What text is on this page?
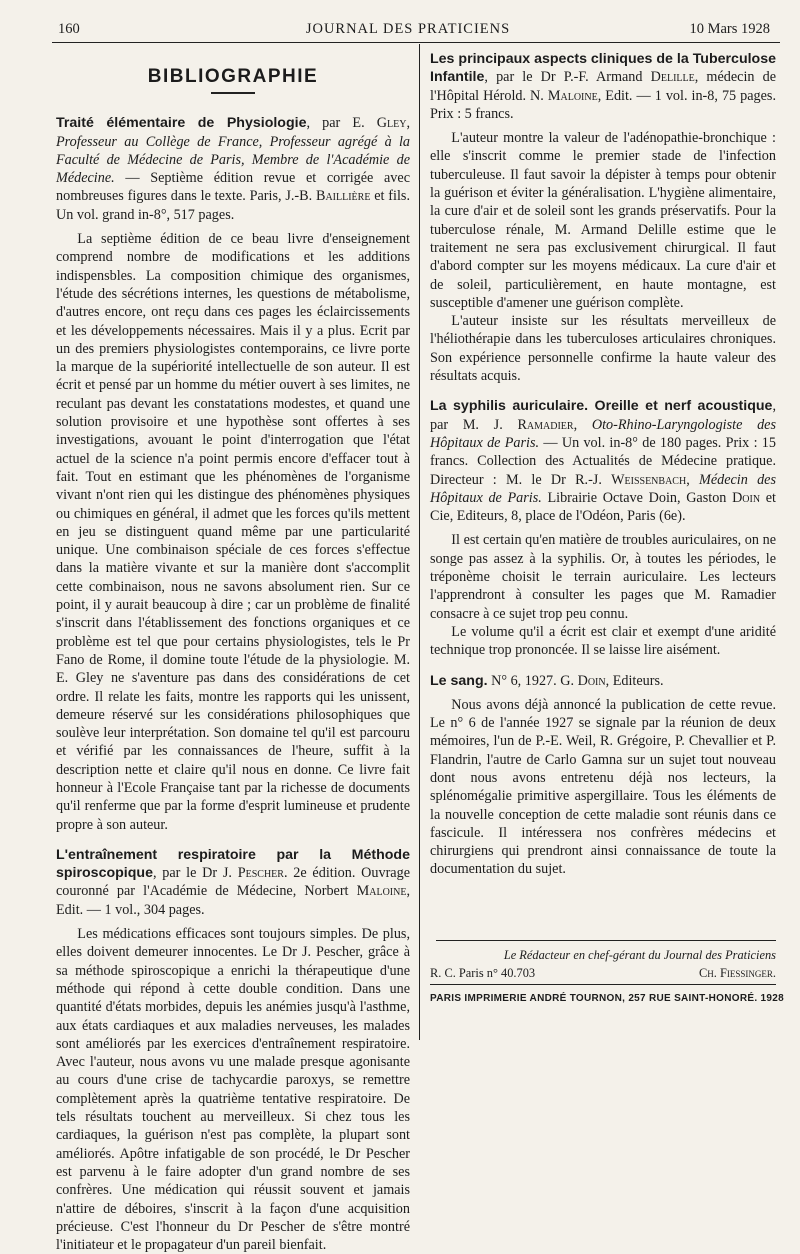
160	JOURNAL DES PRATICIENS	10 Mars 1928
BIBLIOGRAPHIE
Traité élémentaire de Physiologie, par E. Gley, Professeur au Collège de France, Professeur agrégé à la Faculté de Médecine de Paris, Membre de l'Académie de Médecine. — Septième édition revue et corrigée avec nombreuses figures dans le texte. Paris, J.-B. Baillière et fils. Un vol. grand in-8°, 517 pages.

La septième édition de ce beau livre d'enseignement comprend nombre de modifications et les additions indispensbles. La composition chimique des organismes, l'étude des sécrétions internes, les questions de métabolisme, d'autres encore, ont reçu dans ces pages les éclaircissements et les développements nécessaires. Mais il y a plus. Ecrit par un des premiers physiologistes contemporains, ce livre porte la marque de la supériorité intellectuelle de son auteur. Il est écrit et pensé par un homme du métier ouvert à ses limites, ne reculant pas devant les constatations modestes, et quand une solution provisoire et une hypothèse sont offertes à ses investigations, avouant le point d'interrogation que l'état actuel de la science n'a point permis encore d'effacer tout à fait. Tout en estimant que les phénomènes de l'organisme vivant n'ont rien qui les distingue des phénomènes physiques ou chimiques en général, il admet que les forces qu'ils mettent en jeu se distinguent quand même par une particularité unique. Une combinaison spéciale de ces forces s'effectue dans la matière vivante et sur la manière dont s'accomplit cette combinaison, nous ne savons absolument rien. Sur ce point, il y aurait beaucoup à dire ; car un problème de finalité s'inscrit dans l'établissement des fonctions organiques et ce problème est tel que pour certains physiologistes, tels le Pr Fano de Rome, il domine toute l'étude de la physiologie. M. E. Gley ne s'aventure pas dans des considérations de cet ordre. Il relate les faits, montre les rapports qui les unissent, demeure réservé sur les considérations philosophiques que soulève leur interprétation. Son domaine tel qu'il est parcouru et vérifié par les connaissances de l'heure, suffit à la description nette et claire qu'il nous en donne. Ce livre fait honneur à l'Ecole Française tant par la richesse de documents qu'il renferme que par la forme d'esprit lumineuse et prudente propre à son auteur.

L'entraînement respiratoire par la Méthode spiroscopique, par le Dr J. Pescher. 2e édition. Ouvrage couronné par l'Académie de Médecine, Norbert Maloine, Edit. — 1 vol., 304 pages.

Les médications efficaces sont toujours simples. De plus, elles doivent demeurer innocentes. Le Dr J. Pescher, grâce à sa méthode spiroscopique a enrichi la thérapeutique d'une méthode qui répond à cette double condition. Dans une quantité d'états morbides, depuis les anémies jusqu'à l'asthme, aux états cardiaques et aux maladies nerveuses, les malades sont améliorés par les exercices d'entraînement respiratoire. Avec l'auteur, nous avons vu une malade presque agonisante au cours d'une crise de tachycardie paroxys, se remettre complètement après la quatrième tentative respiratoire. De tels résultats touchent au merveilleux. Si chez tous les cardiaques, la guérison n'est pas complète, la plupart sont améliorés. Apôtre infatigable de son procédé, le Dr Pescher est parvenu à le faire adopter d'un grand nombre de ses confrères. Une médication qui réussit souvent et jamais n'attire de déboires, s'inscrit à la façon d'une acquisition précieuse. C'est l'honneur du Dr Pescher de s'être montré l'initiateur et le propagateur d'un pareil bienfait.

Les principaux aspects cliniques de la Tuberculose Infantile, par le Dr P.-F. Armand Delille, médecin de l'Hôpital Hérold. N. Maloine, Edit. — 1 vol. in-8, 75 pages. Prix : 5 francs.

L'auteur montre la valeur de l'adénopathie-bronchique : elle s'inscrit comme le premier stade de l'infection tuberculeuse. Il faut savoir la dépister à temps pour obtenir la guérison et éviter la généralisation. L'hygiène alimentaire, la cure d'air et de soleil sont les grands préservatifs. Pour la tuberculose rénale, M. Armand Delille estime que le traitement ne sera pas exclusivement chirurgical. Il faut d'abord compter sur les moyens médicaux. La cure d'air et de soleil, particulièrement, en haute montagne, est susceptible d'amener une guérison complète.

L'auteur insiste sur les résultats merveilleux de l'héliothérapie dans les tuberculoses articulaires chroniques. Son expérience personnelle confirme la haute valeur des résultats acquis.

La syphilis auriculaire. Oreille et nerf acoustique, par M. J. Ramadier, Oto-Rhino-Laryngologiste des Hôpitaux de Paris. — Un vol. in-8° de 180 pages. Prix : 15 francs. Collection des Actualités de Médecine pratique. Directeur : M. le Dr R.-J. Weissenbach, Médecin des Hôpitaux de Paris. Librairie Octave Doin, Gaston Doin et Cie, Editeurs, 8, place de l'Odéon, Paris (6e).

Il est certain qu'en matière de troubles auriculaires, on ne songe pas assez à la syphilis. Or, à toutes les périodes, le tréponème choisit le terrain auriculaire. Les lecteurs l'apprendront à consulter les pages que M. Ramadier consacre à ce sujet trop peu connu.

Le volume qu'il a écrit est clair et exempt d'une aridité technique trop prononcée. Il se laisse lire aisément.

Le sang. N° 6, 1927. G. Doin, Editeurs.

Nous avons déjà annoncé la publication de cette revue. Le n° 6 de l'année 1927 se signale par la réunion de deux mémoires, l'un de P.-E. Weil, R. Grégoire, P. Chevallier et P. Flandrin, l'autre de Carlo Gamna sur un sujet tout nouveau dont nous avons entretenu déjà nos lecteurs, la splénomégalie primitive aspergillaire. Tous les éléments de la nouvelle conception de cette maladie sont réunis dans ce fascicule. Il intéressera nos confrères médecins et chirurgiens qui prendront ainsi connaissance de toute la documentation du sujet.

Le Rédacteur en chef-gérant du Journal des Praticiens
R. C. Paris n° 40.703	Ch. Fiessinger.
PARIS IMPRIMERIE ANDRÉ TOURNON, 257 RUE SAINT-HONORÉ. 1928
